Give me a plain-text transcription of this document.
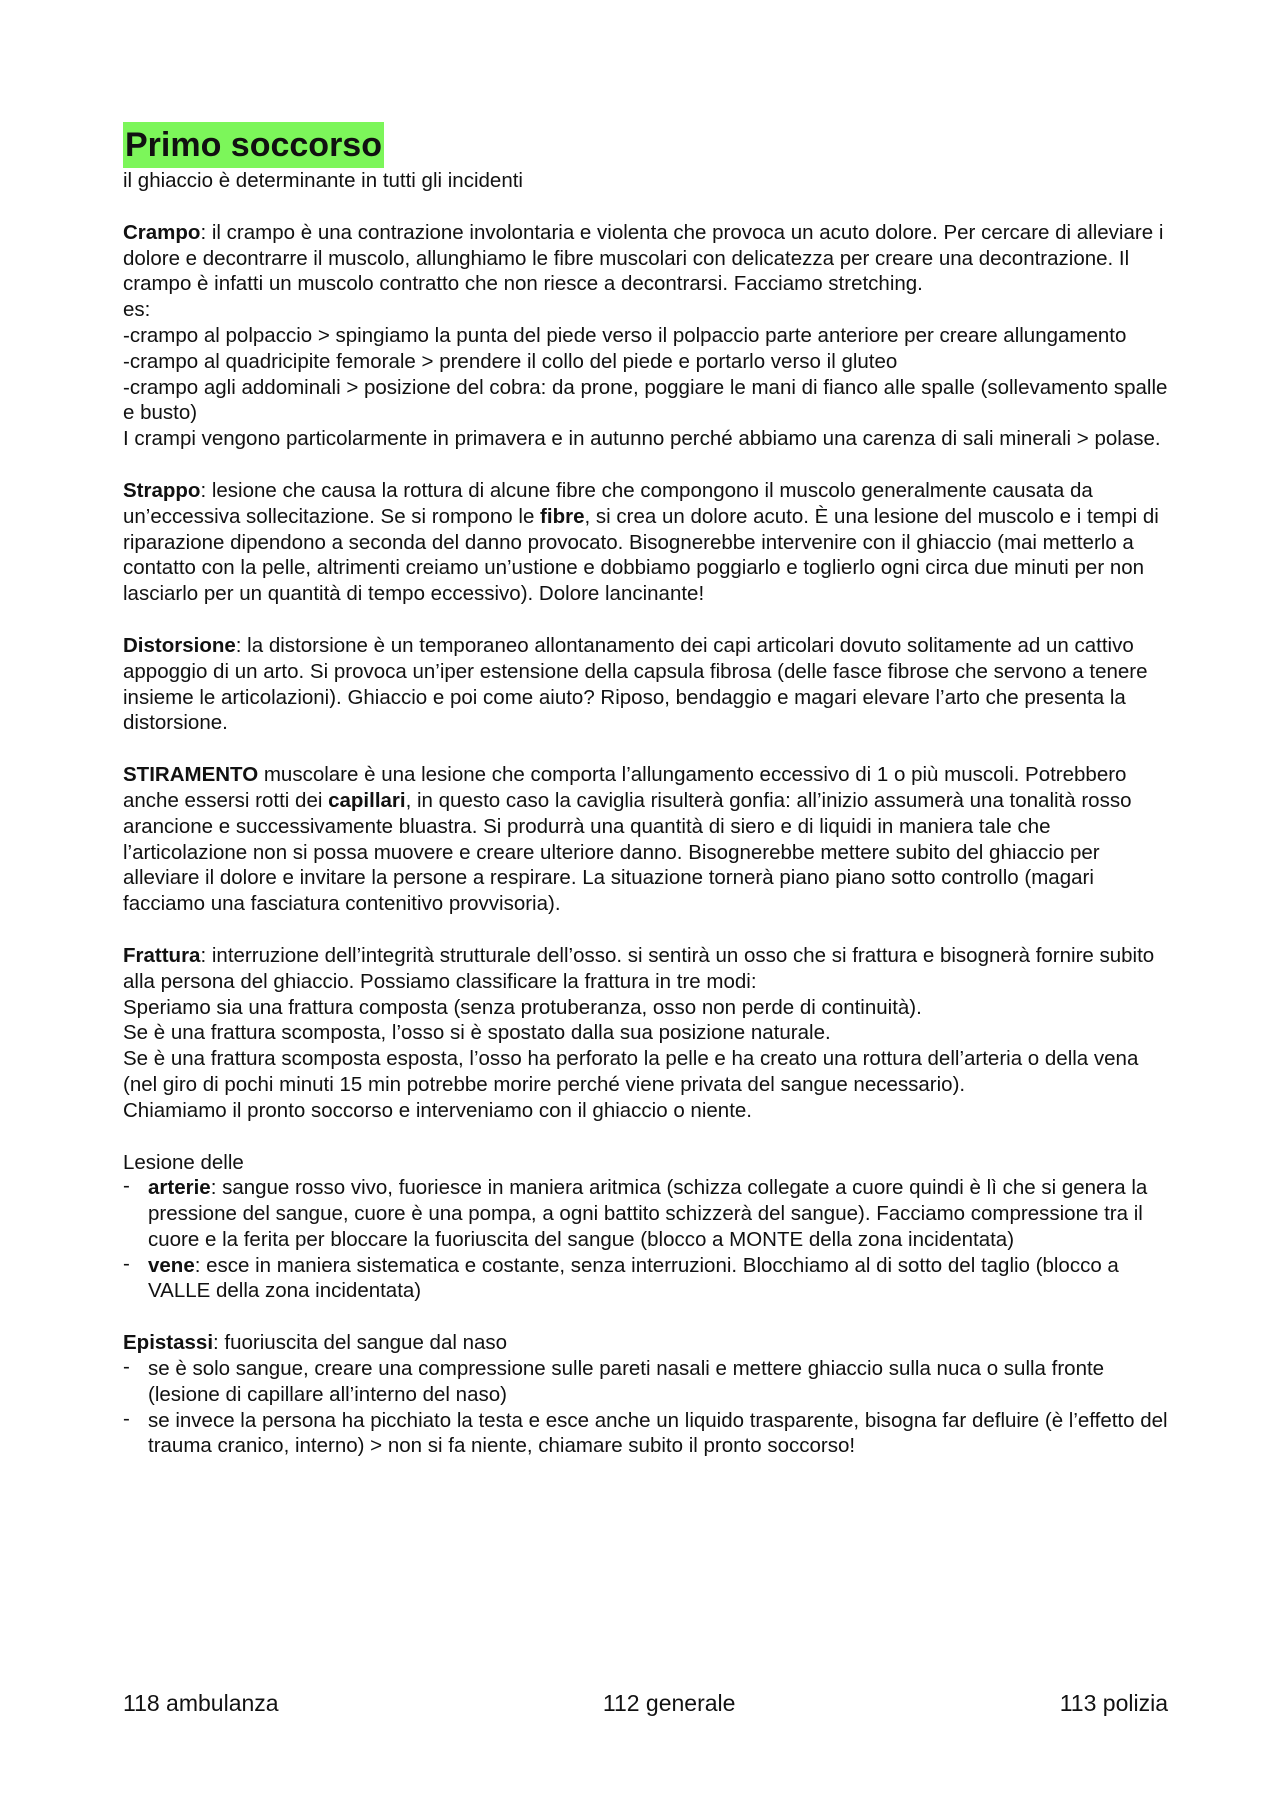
Primo soccorso

il ghiaccio è determinante in tutti gli incidenti

Crampo: il crampo è una contrazione involontaria e violenta che provoca un acuto dolore. Per cercare di alleviare i dolore e decontrarre il muscolo, allunghiamo le fibre muscolari con delicatezza per creare una decontrazione. Il crampo è infatti un muscolo contratto che non riesce a decontrarsi. Facciamo stretching.

es:

-crampo al polpaccio > spingiamo la punta del piede verso il polpaccio parte anteriore per creare allungamento

-crampo al quadricipite femorale > prendere il collo del piede e portarlo verso il gluteo

-crampo agli addominali > posizione del cobra: da prone, poggiare le mani di fianco alle spalle (sollevamento spalle e busto)

I crampi vengono particolarmente in primavera e in autunno perché abbiamo una carenza di sali minerali > polase.

Strappo: lesione che causa la rottura di alcune fibre che compongono il muscolo generalmente causata da un’eccessiva sollecitazione. Se si rompono le fibre, si crea un dolore acuto. È una lesione del muscolo e i tempi di riparazione dipendono a seconda del danno provocato. Bisognerebbe intervenire con il ghiaccio (mai metterlo a contatto con la pelle, altrimenti creiamo un’ustione e dobbiamo poggiarlo e toglierlo ogni circa due minuti per non lasciarlo per un quantità di tempo eccessivo). Dolore lancinante!

Distorsione: la distorsione è un temporaneo allontanamento dei capi articolari dovuto solitamente ad un cattivo appoggio di un arto. Si provoca un’iper estensione della capsula fibrosa (delle fasce fibrose che servono a tenere insieme le articolazioni). Ghiaccio e poi come aiuto? Riposo, bendaggio e magari elevare l’arto che presenta la distorsione.

STIRAMENTO muscolare è una lesione che comporta l’allungamento eccessivo di 1 o più muscoli. Potrebbero anche essersi rotti dei capillari, in questo caso la caviglia risulterà gonfia: all’inizio assumerà una tonalità rosso arancione e successivamente bluastra. Si produrrà una quantità di siero e di liquidi in maniera tale che l’articolazione non si possa muovere e creare ulteriore danno. Bisognerebbe mettere subito del ghiaccio per alleviare il dolore e invitare la persone a respirare. La situazione tornerà piano piano sotto controllo (magari facciamo una fasciatura contenitivo provvisoria).

Frattura: interruzione dell’integrità strutturale dell’osso. si sentirà un osso che si frattura e bisognerà fornire subito alla persona del ghiaccio. Possiamo classificare la frattura in tre modi:

Speriamo sia una frattura composta (senza protuberanza, osso non perde di continuità).

Se è una frattura scomposta, l’osso si è spostato dalla sua posizione naturale.

Se è una frattura scomposta esposta, l’osso ha perforato la pelle e ha creato una rottura dell’arteria o della vena (nel giro di pochi minuti 15 min potrebbe morire perché viene privata del sangue necessario).

Chiamiamo il pronto soccorso e interveniamo con il ghiaccio o niente.

Lesione delle

- arterie: sangue rosso vivo, fuoriesce in maniera aritmica (schizza collegate a cuore quindi è lì che si genera la pressione del sangue, cuore è una pompa, a ogni battito schizzerà del sangue). Facciamo compressione tra il cuore e la ferita per bloccare la fuoriuscita del sangue (blocco a MONTE della zona incidentata)
- vene: esce in maniera sistematica e costante, senza interruzioni. Blocchiamo al di sotto del taglio (blocco a VALLE della zona incidentata)

Epistassi: fuoriuscita del sangue dal naso

- se è solo sangue, creare una compressione sulle pareti nasali e mettere ghiaccio sulla nuca o sulla fronte (lesione di capillare all’interno del naso)
- se invece la persona ha picchiato la testa e esce anche un liquido trasparente, bisogna far defluire (è l’effetto del trauma cranico, interno) > non si fa niente, chiamare subito il pronto soccorso!
118 ambulanza	112 generale	113 polizia
